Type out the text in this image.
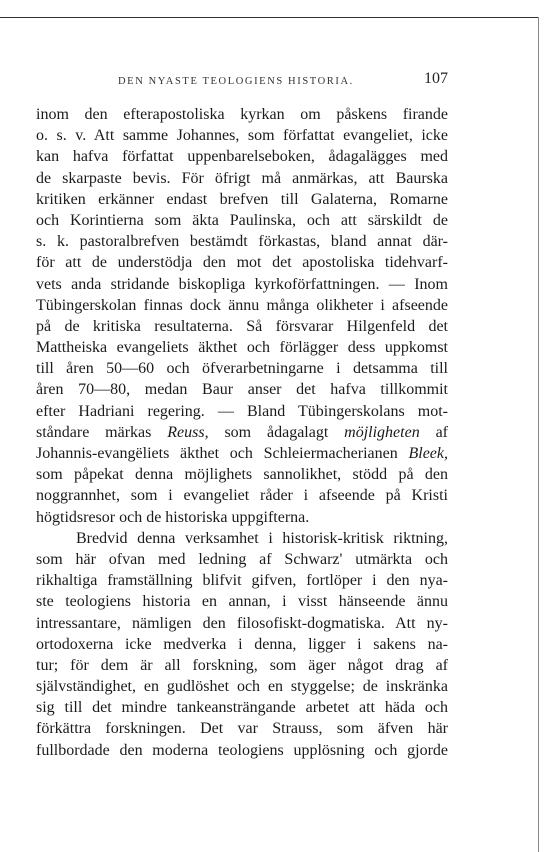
DEN NYASTE TEOLOGIENS HISTORIA.	107
inom den efterapostoliska kyrkan om påskens firande
o. s. v. Att samme Johannes, som författat evangeliet, icke
kan hafva författat uppenbarelseboken, ådagalägges med
de skarpaste bevis. För öfrigt må anmärkas, att Baurska
kritiken erkänner endast brefven till Galaterna, Romarne
och Korintierna som äkta Paulinska, och att särskildt de
s. k. pastoralbrefven bestämdt förkastas, bland annat där-
för att de understödja den mot det apostoliska tidehvarf-
vets anda stridande biskopliga kyrkoförfattningen. — Inom
Tübingerskolan finnas dock ännu många olikheter i afseende
på de kritiska resultaterna. Så försvarar Hilgenfeld det
Mattheiska evangeliets äkthet och förlägger dess uppkomst
till åren 50—60 och öfverarbetningarne i detsamma till
åren 70—80, medan Baur anser det hafva tillkommit
efter Hadriani regering. — Bland Tübingerskolans mot-
ståndare märkas Reuss, som ådagalagt möjligheten af
Johannis-evangëliets äkthet och Schleiermacherianen Bleek,
som påpekat denna möjlighets sannolikhet, stödd på den
noggrannhet, som i evangeliet råder i afseende på Kristi
högtidsresor och de historiska uppgifterna.
Bredvid denna verksamhet i historisk-kritisk riktning,
som här ofvan med ledning af Schwarz' utmärkta och
rikhaltiga framställning blifvit gifven, fortlöper i den nya-
ste teologiens historia en annan, i visst hänseende ännu
intressantare, nämligen den filosofiskt-dogmatiska. Att ny-
ortodoxerna icke medverka i denna, ligger i sakens na-
tur; för dem är all forskning, som äger något drag af
självständighet, en gudlöshet och en styggelse; de inskränka
sig till det mindre tankeansträngande arbetet att häda och
förkättra forskningen. Det var Strauss, som äfven här
fullbordade den moderna teologiens upplösning och gjorde
